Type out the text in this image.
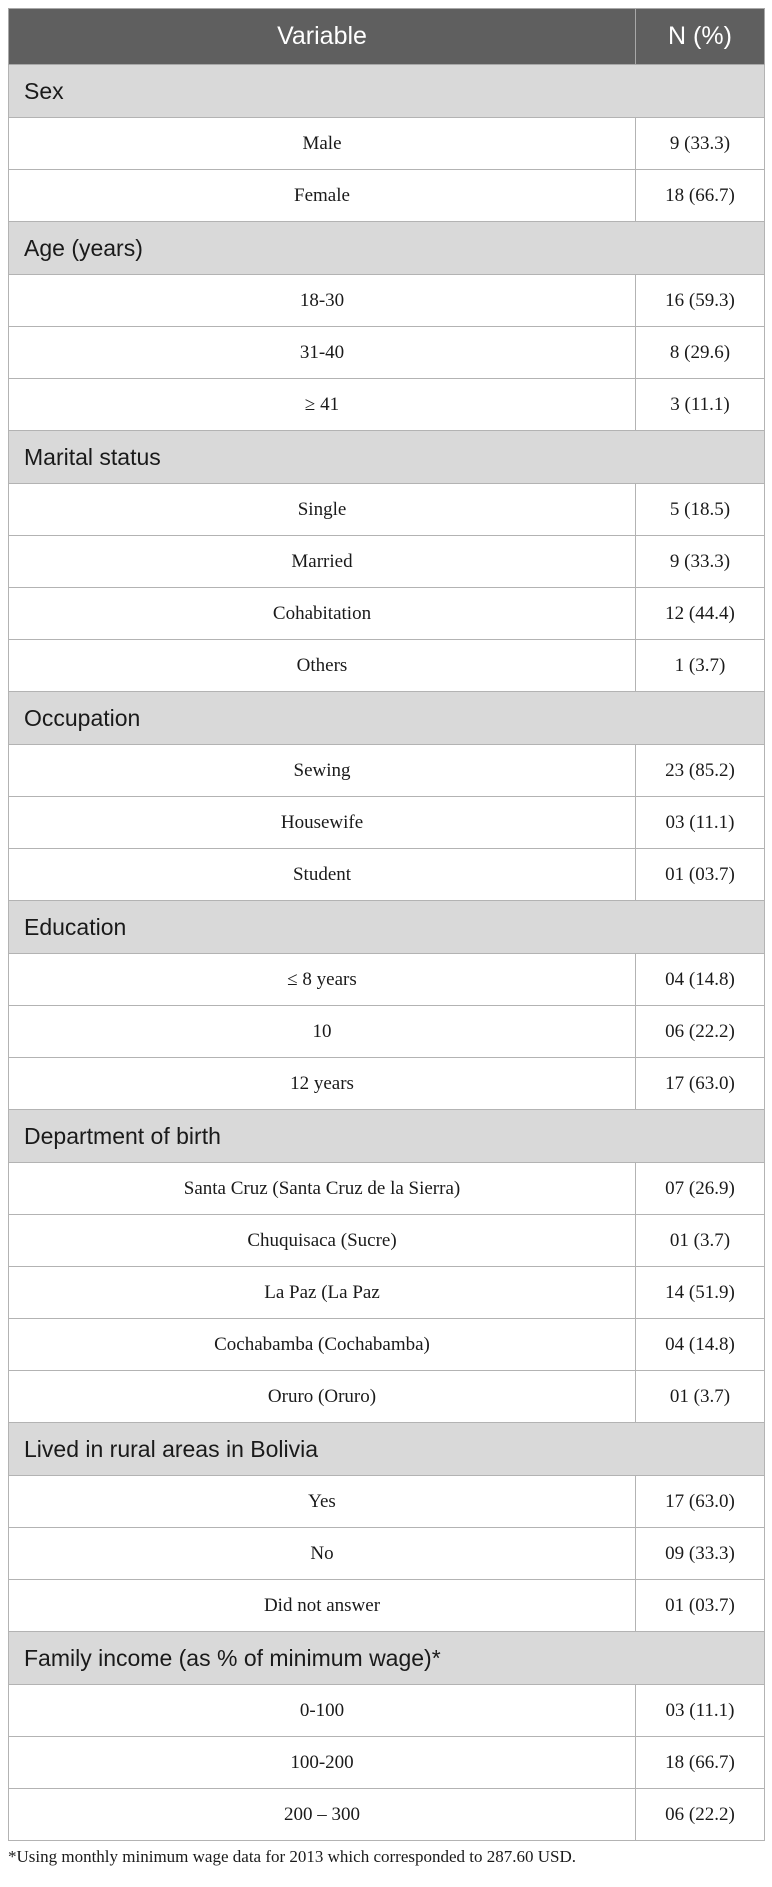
Variable	N (%)
Sex	
Male	9 (33.3)
Female	18 (66.7)
Age (years)	
18-30	16 (59.3)
31-40	8 (29.6)
≥ 41	3 (11.1)
Marital status	
Single	5 (18.5)
Married	9 (33.3)
Cohabitation	12 (44.4)
Others	1 (3.7)
Occupation	
Sewing	23 (85.2)
Housewife	03 (11.1)
Student	01 (03.7)
Education	
≤ 8 years	04 (14.8)
10	06 (22.2)
12 years	17 (63.0)
Department of birth	
Santa Cruz (Santa Cruz de la Sierra)	07 (26.9)
Chuquisaca (Sucre)	01 (3.7)
La Paz (La Paz	14 (51.9)
Cochabamba (Cochabamba)	04 (14.8)
Oruro (Oruro)	01 (3.7)
Lived in rural areas in Bolivia	
Yes	17 (63.0)
No	09 (33.3)
Did not answer	01 (03.7)
Family income (as % of minimum wage)*	
0-100	03 (11.1)
100-200	18 (66.7)
200 – 300	06 (22.2)
*Using monthly minimum wage data for 2013 which corresponded to 287.60 USD.
